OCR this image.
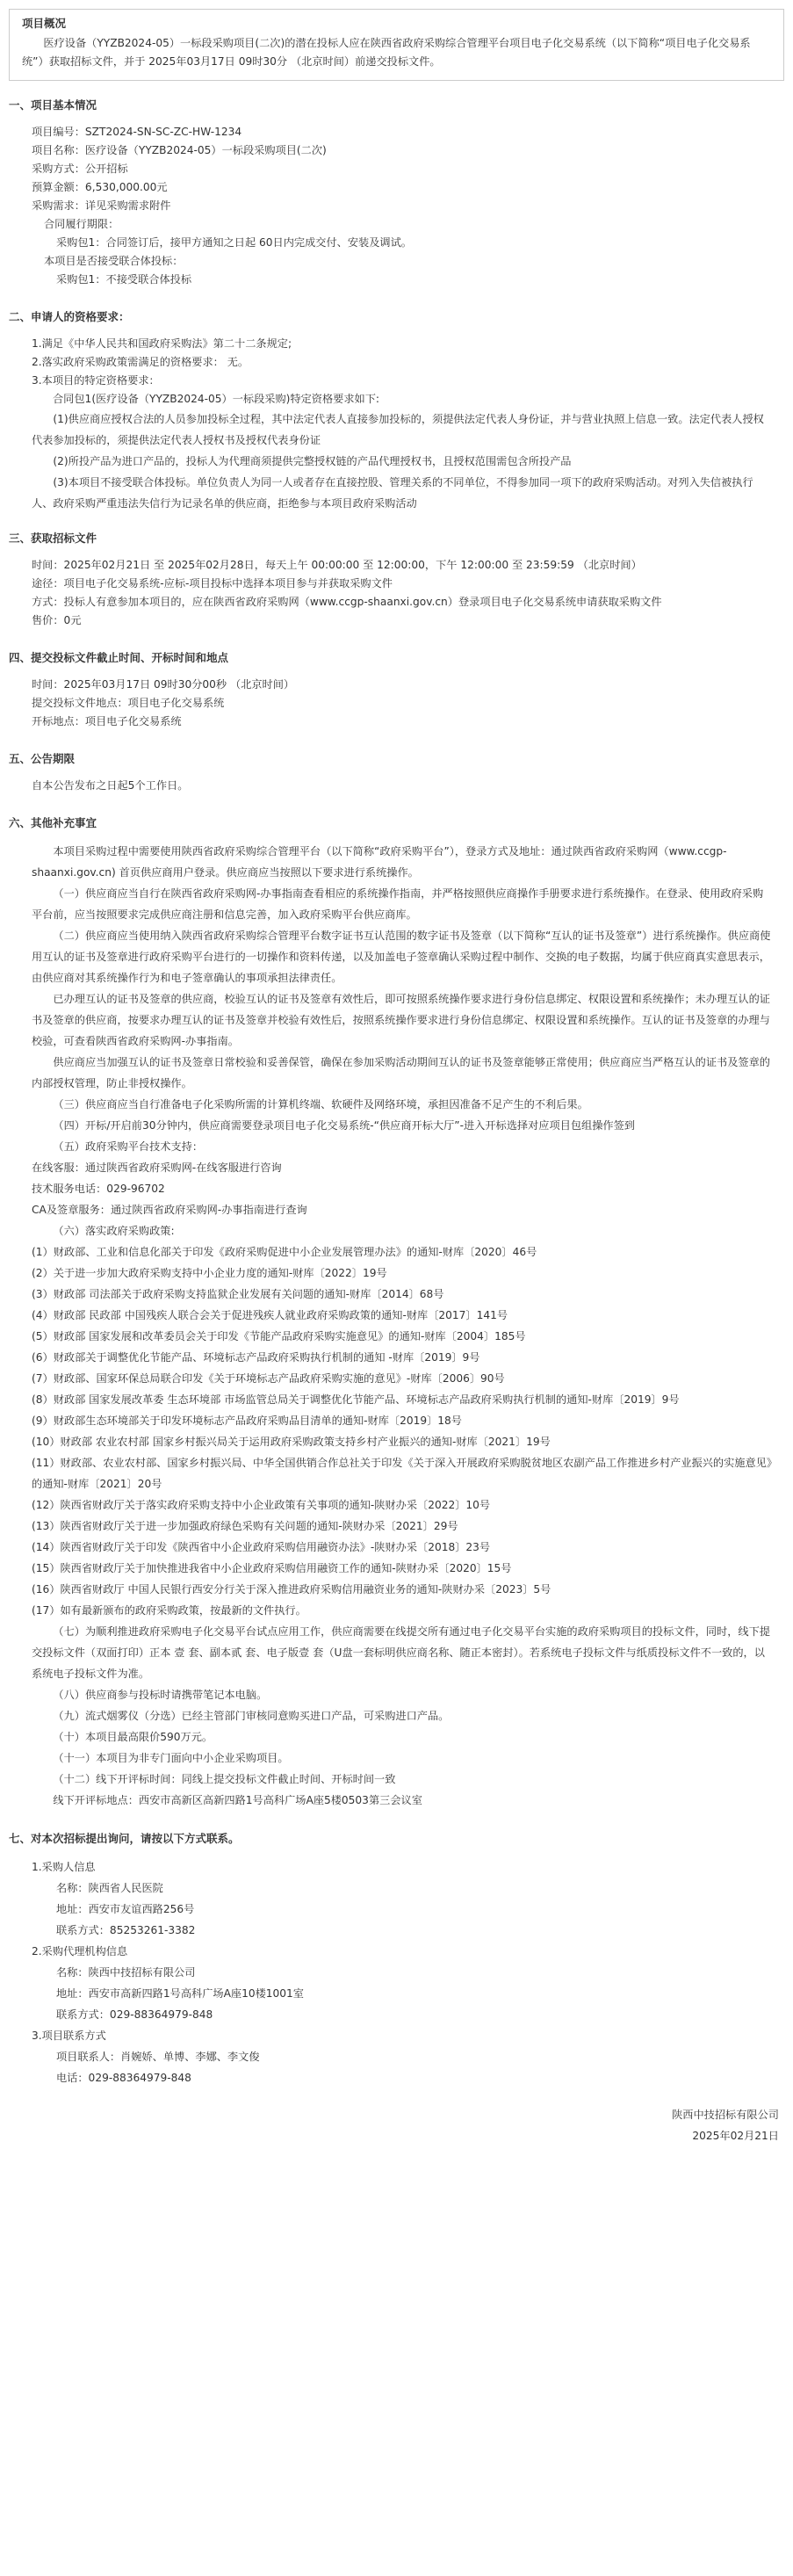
项目概况
医疗设备（YYZB2024-05）一标段采购项目(二次)的潜在投标人应在陕西省政府采购综合管理平台项目电子化交易系统（以下简称“项目电子化交易系统”）获取招标文件，并于 2025年03月17日 09时30分 （北京时间）前递交投标文件。
一、项目基本情况
项目编号：SZT2024-SN-SC-ZC-HW-1234
项目名称：医疗设备（YYZB2024-05）一标段采购项目(二次)
采购方式：公开招标
预算金额：6,530,000.00元
采购需求：详见采购需求附件
合同履行期限：
采购包1：合同签订后，接甲方通知之日起 60日内完成交付、安装及调试。
本项目是否接受联合体投标：
采购包1：不接受联合体投标
二、申请人的资格要求：
1.满足《中华人民共和国政府采购法》第二十二条规定;
2.落实政府采购政策需满足的资格要求： 无。
3.本项目的特定资格要求：
合同包1(医疗设备（YYZB2024-05）一标段采购)特定资格要求如下:
(1)供应商应授权合法的人员参加投标全过程，其中法定代表人直接参加投标的，须提供法定代表人身份证，并与营业执照上信息一致。法定代表人授权代表参加投标的，须提供法定代表人授权书及授权代表身份证
(2)所投产品为进口产品的，投标人为代理商须提供完整授权链的产品代理授权书，且授权范围需包含所投产品
(3)本项目不接受联合体投标。单位负责人为同一人或者存在直接控股、管理关系的不同单位，不得参加同一项下的政府采购活动。对列入失信被执行人、政府采购严重违法失信行为记录名单的供应商，拒绝参与本项目政府采购活动
三、获取招标文件
时间：2025年02月21日 至 2025年02月28日，每天上午 00:00:00 至 12:00:00，下午 12:00:00 至 23:59:59 （北京时间）
途径：项目电子化交易系统-应标-项目投标中选择本项目参与并获取采购文件
方式：投标人有意参加本项目的，应在陕西省政府采购网（www.ccgp-shaanxi.gov.cn）登录项目电子化交易系统申请获取采购文件
售价：0元
四、提交投标文件截止时间、开标时间和地点
时间：2025年03月17日 09时30分00秒 （北京时间）
提交投标文件地点：项目电子化交易系统
开标地点：项目电子化交易系统
五、公告期限
自本公告发布之日起5个工作日。
六、其他补充事宜
本项目采购过程中需要使用陕西省政府采购综合管理平台（以下简称“政府采购平台”），登录方式及地址：通过陕西省政府采购网（www.ccgp-shaanxi.gov.cn) 首页供应商用户登录。供应商应当按照以下要求进行系统操作。
（一）供应商应当自行在陕西省政府采购网-办事指南查看相应的系统操作指南，并严格按照供应商操作手册要求进行系统操作。在登录、使用政府采购平台前，应当按照要求完成供应商注册和信息完善，加入政府采购平台供应商库。
（二）供应商应当使用纳入陕西省政府采购综合管理平台数字证书互认范围的数字证书及签章（以下简称“互认的证书及签章”）进行系统操作。供应商使用互认的证书及签章进行政府采购平台进行的一切操作和资料传递，以及加盖电子签章确认采购过程中制作、交换的电子数据，均属于供应商真实意思表示，由供应商对其系统操作行为和电子签章确认的事项承担法律责任。
已办理互认的证书及签章的供应商，校验互认的证书及签章有效性后，即可按照系统操作要求进行身份信息绑定、权限设置和系统操作；未办理互认的证书及签章的供应商，按要求办理互认的证书及签章并校验有效性后，按照系统操作要求进行身份信息绑定、权限设置和系统操作。互认的证书及签章的办理与校验，可查看陕西省政府采购网-办事指南。
供应商应当加强互认的证书及签章日常校验和妥善保管，确保在参加采购活动期间互认的证书及签章能够正常使用；供应商应当严格互认的证书及签章的内部授权管理，防止非授权操作。
（三）供应商应当自行准备电子化采购所需的计算机终端、软硬件及网络环境，承担因准备不足产生的不利后果。
（四）开标/开启前30分钟内，供应商需要登录项目电子化交易系统-“供应商开标大厅”-进入开标选择对应项目包组操作签到
（五）政府采购平台技术支持：
在线客服：通过陕西省政府采购网-在线客服进行咨询
技术服务电话：029-96702
CA及签章服务：通过陕西省政府采购网-办事指南进行查询
（六）落实政府采购政策:
(1）财政部、工业和信息化部关于印发《政府采购促进中小企业发展管理办法》的通知-财库〔2020〕46号
(2）关于进一步加大政府采购支持中小企业力度的通知-财库〔2022〕19号
(3）财政部 司法部关于政府采购支持监狱企业发展有关问题的通知-财库〔2014〕68号
(4）财政部 民政部 中国残疾人联合会关于促进残疾人就业政府采购政策的通知-财库〔2017〕141号
(5）财政部 国家发展和改革委员会关于印发《节能产品政府采购实施意见》的通知-财库〔2004〕185号
(6）财政部关于调整优化节能产品、环境标志产品政府采购执行机制的通知 -财库〔2019〕9号
(7）财政部、国家环保总局联合印发《关于环境标志产品政府采购实施的意见》-财库〔2006〕90号
(8）财政部 国家发展改革委 生态环境部 市场监管总局关于调整优化节能产品、环境标志产品政府采购执行机制的通知-财库〔2019〕9号
(9）财政部生态环境部关于印发环境标志产品政府采购品目清单的通知-财库〔2019〕18号
(10）财政部 农业农村部 国家乡村振兴局关于运用政府采购政策支持乡村产业振兴的通知-财库〔2021〕19号
(11）财政部、农业农村部、国家乡村振兴局、中华全国供销合作总社关于印发《关于深入开展政府采购脱贫地区农副产品工作推进乡村产业振兴的实施意见》的通知-财库〔2021〕20号
(12）陕西省财政厅关于落实政府采购支持中小企业政策有关事项的通知-陕财办采〔2022〕10号
(13）陕西省财政厅关于进一步加强政府绿色采购有关问题的通知-陕财办采〔2021〕29号
(14）陕西省财政厅关于印发《陕西省中小企业政府采购信用融资办法》-陕财办采〔2018〕23号
(15）陕西省财政厅关于加快推进我省中小企业政府采购信用融资工作的通知-陕财办采〔2020〕15号
(16）陕西省财政厅 中国人民银行西安分行关于深入推进政府采购信用融资业务的通知-陕财办采〔2023〕5号
(17）如有最新颁布的政府采购政策，按最新的文件执行。
（七）为顺利推进政府采购电子化交易平台试点应用工作，供应商需要在线提交所有通过电子化交易平台实施的政府采购项目的投标文件，同时，线下提交投标文件（双面打印）正本 壹 套、副本贰 套、电子版壹 套（U盘一套标明供应商名称、随正本密封）。若系统电子投标文件与纸质投标文件不一致的，以系统电子投标文件为准。
（八）供应商参与投标时请携带笔记本电脑。
（九）流式烟雾仪（分选）已经主管部门审核同意购买进口产品，可采购进口产品。
（十）本项目最高限价590万元。
（十一）本项目为非专门面向中小企业采购项目。
（十二）线下开评标时间：同线上提交投标文件截止时间、开标时间一致
线下开评标地点：西安市高新区高新四路1号高科广场A座5楼0503第三会议室
七、对本次招标提出询问，请按以下方式联系。
1.采购人信息
名称：陕西省人民医院
地址：西安市友谊西路256号
联系方式：85253261-3382
2.采购代理机构信息
名称：陕西中技招标有限公司
地址：西安市高新四路1号高科广场A座10楼1001室
联系方式：029-88364979-848
3.项目联系方式
项目联系人：肖婉娇、单博、李娜、李文俊
电话：029-88364979-848
陕西中技招标有限公司
2025年02月21日
